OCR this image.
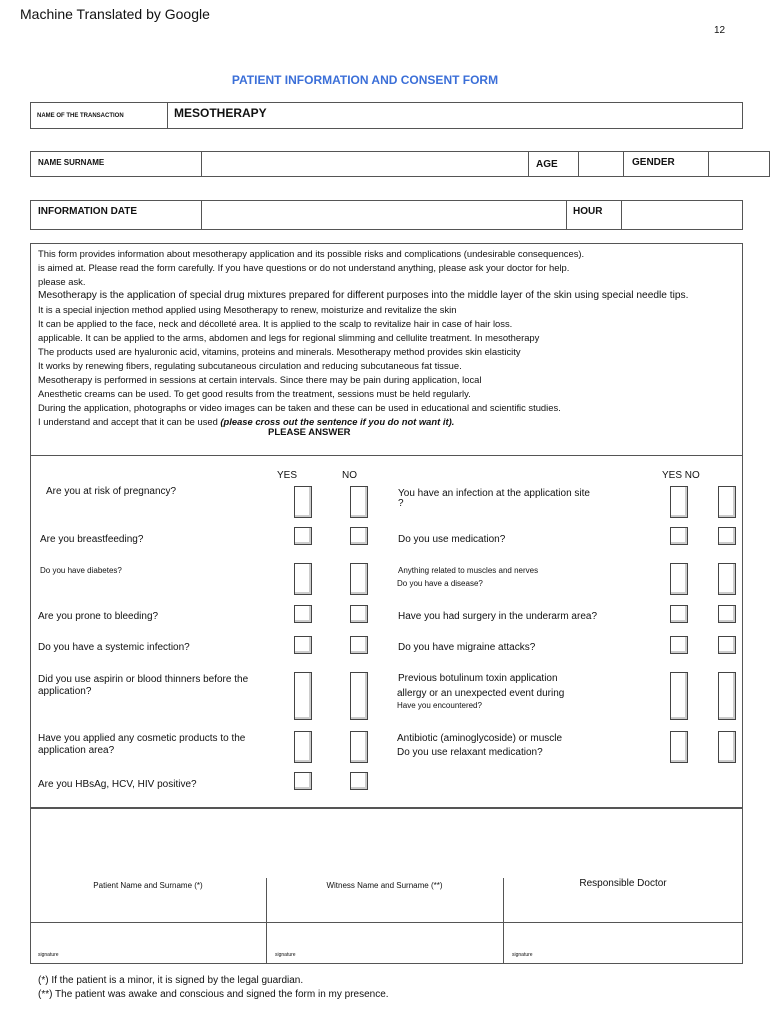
Machine Translated by Google
12
PATIENT INFORMATION AND CONSENT FORM
NAME OF THE TRANSACTION	MESOTHERAPY
NAME SURNAME	AGE	GENDER
INFORMATION DATE	HOUR
This form provides information about mesotherapy application and its possible risks and complications (undesirable consequences).
is aimed at. Please read the form carefully. If you have questions or do not understand anything, please ask your doctor for help.
please ask.
Mesotherapy is the application of special drug mixtures prepared for different purposes into the middle layer of the skin using special needle tips.
It is a special injection method applied using Mesotherapy to renew, moisturize and revitalize the skin
It can be applied to the face, neck and décolleté area. It is applied to the scalp to revitalize hair in case of hair loss.
applicable. It can be applied to the arms, abdomen and legs for regional slimming and cellulite treatment. In mesotherapy
The products used are hyaluronic acid, vitamins, proteins and minerals. Mesotherapy method provides skin elasticity
It works by renewing fibers, regulating subcutaneous circulation and reducing subcutaneous fat tissue.
Mesotherapy is performed in sessions at certain intervals. Since there may be pain during application, local
Anesthetic creams can be used. To get good results from the treatment, sessions must be held regularly.
During the application, photographs or video images can be taken and these can be used in educational and scientific studies.
I understand and accept that it can be used (please cross out the sentence if you do not want it).
PLEASE ANSWER
YES	NO	YES NO
Are you at risk of pregnancy?
Are you breastfeeding?
Do you have diabetes?
Are you prone to bleeding?
Do you have a systemic infection?
Did you use aspirin or blood thinners before the
application?
Have you applied any cosmetic products to the
application area?
Are you HBsAg, HCV, HIV positive?
You have an infection at the application site
?
Do you use medication?
Anything related to muscles and nerves
Do you have a disease?
Have you had surgery in the underarm area?
Do you have migraine attacks?
Previous botulinum toxin application
allergy or an unexpected event during
Have you encountered?
Antibiotic (aminoglycoside) or muscle
Do you use relaxant medication?
Patient Name and Surname (*)	Witness Name and Surname (**)	Responsible Doctor
signature	signature	signature
(*) If the patient is a minor, it is signed by the legal guardian.
(**) The patient was awake and conscious and signed the form in my presence.
